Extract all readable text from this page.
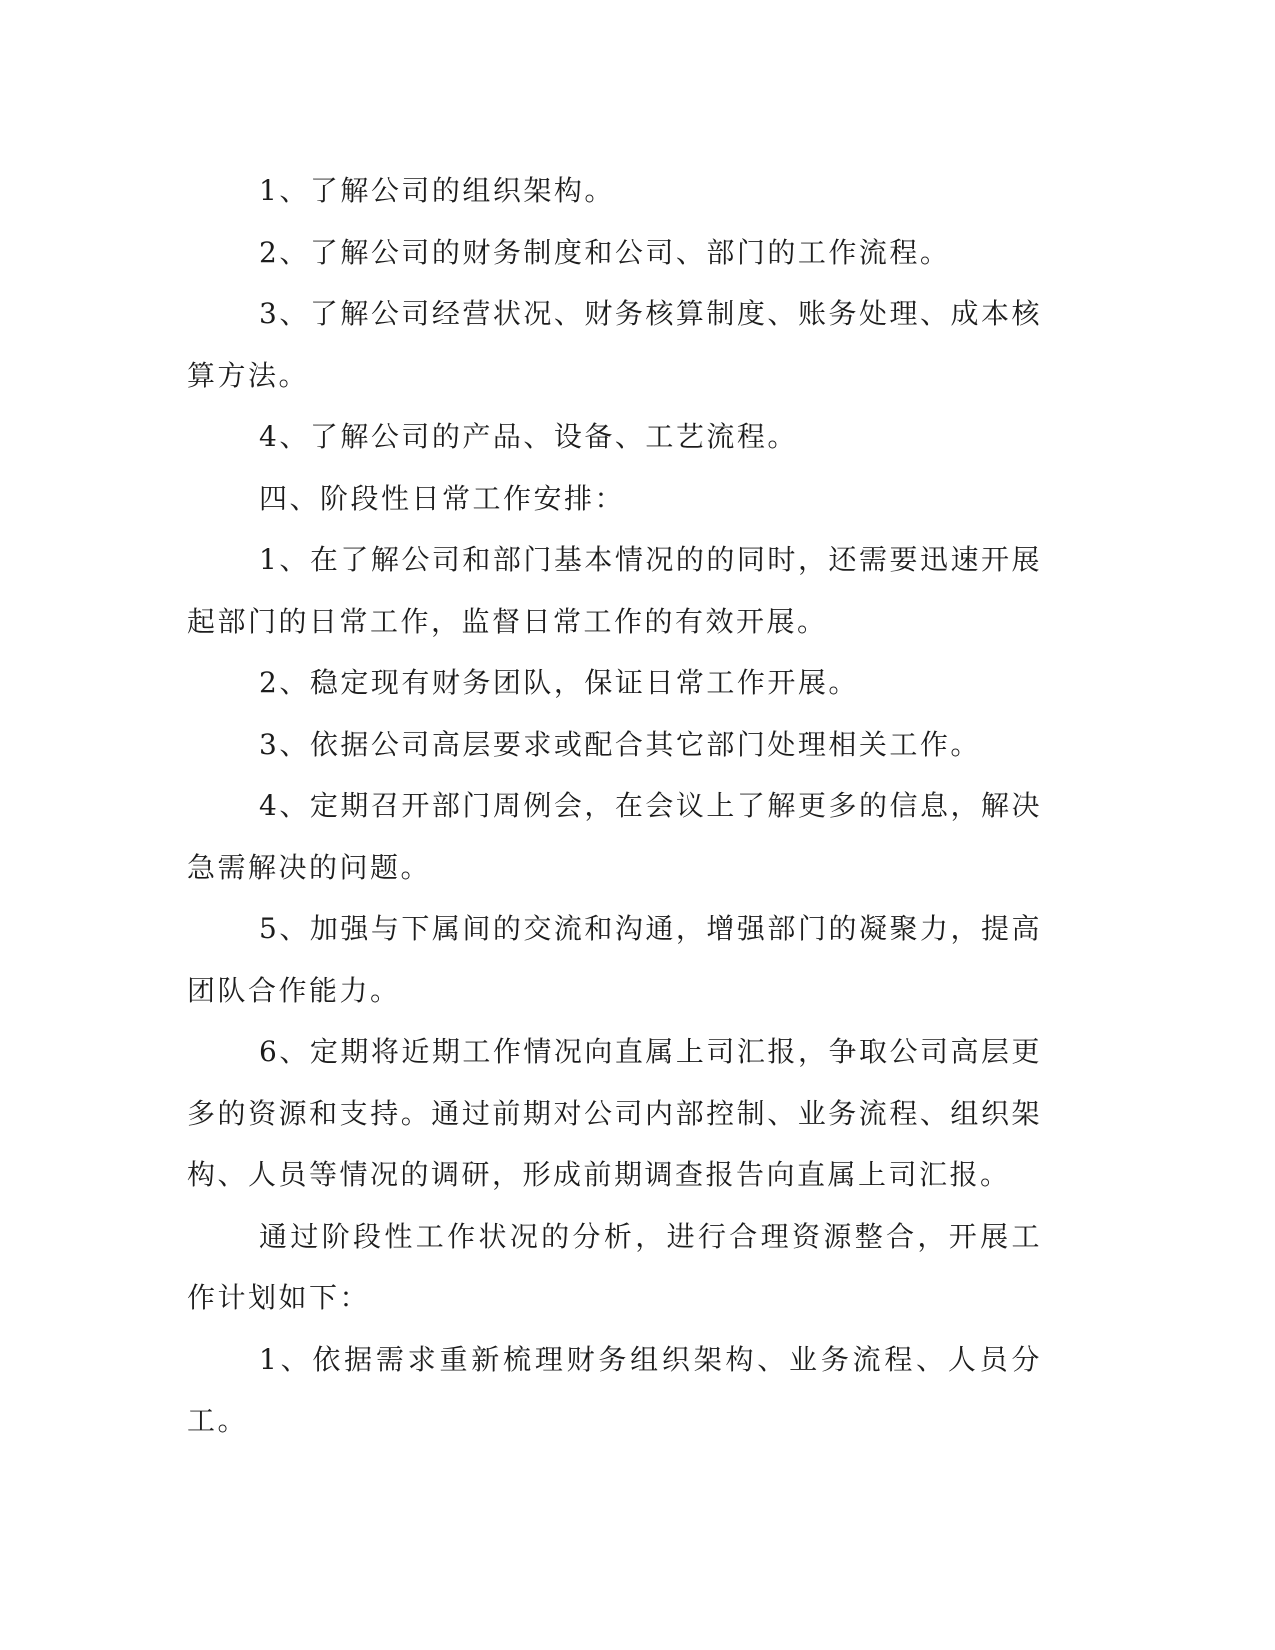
1、了解公司的组织架构。

2、了解公司的财务制度和公司、部门的工作流程。

3、了解公司经营状况、财务核算制度、账务处理、成本核算方法。

4、了解公司的产品、设备、工艺流程。

四、阶段性日常工作安排：

1、在了解公司和部门基本情况的的同时，还需要迅速开展起部门的日常工作，监督日常工作的有效开展。

2、稳定现有财务团队，保证日常工作开展。

3、依据公司高层要求或配合其它部门处理相关工作。

4、定期召开部门周例会，在会议上了解更多的信息，解决急需解决的问题。

5、加强与下属间的交流和沟通，增强部门的凝聚力，提高团队合作能力。

6、定期将近期工作情况向直属上司汇报，争取公司高层更多的资源和支持。通过前期对公司内部控制、业务流程、组织架构、人员等情况的调研，形成前期调查报告向直属上司汇报。

通过阶段性工作状况的分析，进行合理资源整合，开展工作计划如下：

1、依据需求重新梳理财务组织架构、业务流程、人员分工。
